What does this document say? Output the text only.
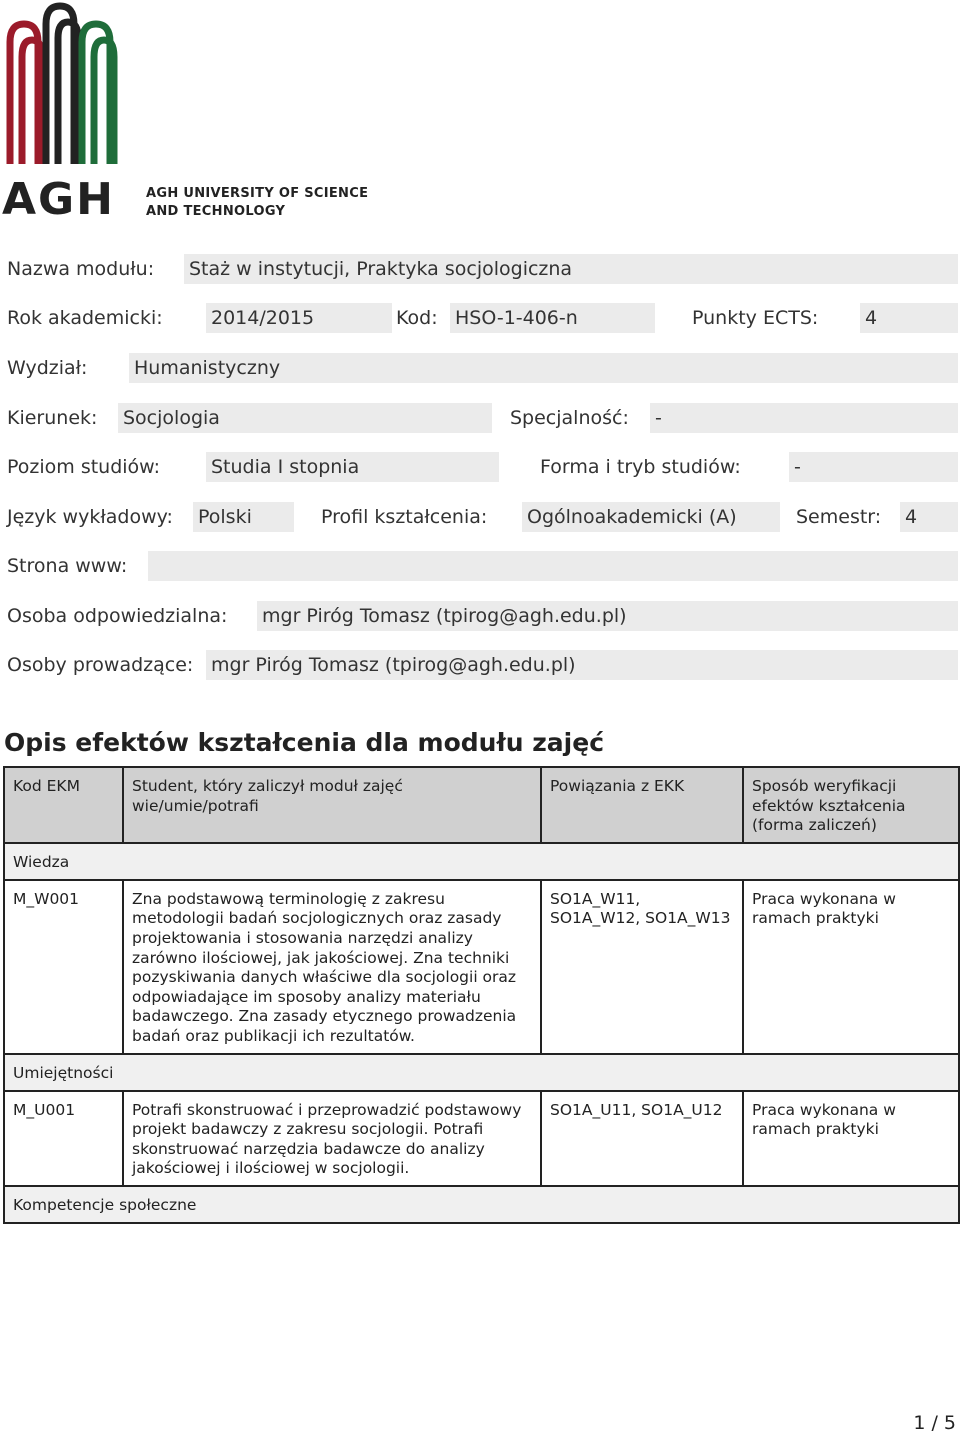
AGH AGH UNIVERSITY OF SCIENCE
AND TECHNOLOGY
Nazwa modułu: Staż w instytucji, Praktyka socjologiczna
Rok akademicki:	2014/2015	Kod: HSO-1-406-n	Punkty ECTS: 4
Wydział: Humanistyczny
Kierunek: Socjologia	Specjalność: -
Poziom studiów:	Studia I stopnia	Forma i tryb studiów:	-
Język wykładowy: Polski	Profil kształcenia: Ogólnoakademicki (A)	Semestr: 4
Strona www:
Osoba odpowiedzialna: mgr Piróg Tomasz (tpirog@agh.edu.pl)
Osoby prowadzące: mgr Piróg Tomasz (tpirog@agh.edu.pl)
Opis efektów kształcenia dla modułu zajęć
Kod EKM	Student, który zaliczył moduł zajęć wie/umie/potrafi	Powiązania z EKK	Sposób weryfikacji efektów kształcenia (forma zaliczeń)
Wiedza			
M_W001	Zna podstawową terminologię z zakresu metodologii badań socjologicznych oraz zasady projektowania i stosowania narzędzi analizy zarówno ilościowej, jak jakościowej. Zna techniki pozyskiwania danych właściwe dla socjologii oraz odpowiadające im sposoby analizy materiału badawczego. Zna zasady etycznego prowadzenia badań oraz publikacji ich rezultatów.	SO1A_W11, SO1A_W12, SO1A_W13	Praca wykonana w ramach praktyki
Umiejętności			
M_U001	Potrafi skonstruować i przeprowadzić podstawowy projekt badawczy z zakresu socjologii. Potrafi skonstruować narzędzia badawcze do analizy jakościowej i ilościowej w socjologii.	SO1A_U11, SO1A_U12	Praca wykonana w ramach praktyki
Kompetencje społeczne			
1 / 5
